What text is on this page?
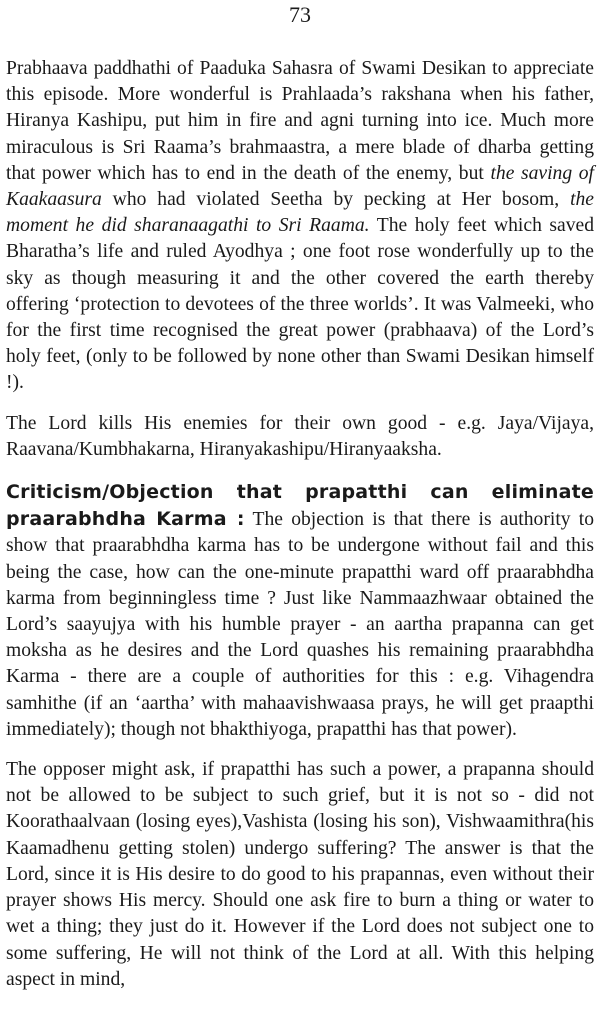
73

Prabhaava paddhathi of Paaduka Sahasra of Swami Desikan to appreciate this episode. More wonderful is Prahlaada’s rakshana when his father, Hiranya Kashipu, put him in fire and agni turning into ice. Much more miraculous is Sri Raama’s brahmaastra, a mere blade of dharba getting that power which has to end in the death of the enemy, but the saving of Kaakaasura who had violated Seetha by pecking at Her bosom, the moment he did sharanaagathi to Sri Raama. The holy feet which saved Bharatha’s life and ruled Ayodhya ; one foot rose wonderfully up to the sky as though measuring it and the other covered the earth thereby offering ‘protection to devotees of the three worlds’. It was Valmeeki, who for the first time recognised the great power (prabhaava) of the Lord’s holy feet, (only to be followed by none other than Swami Desikan himself !).

The Lord kills His enemies for their own good - e.g. Jaya/Vijaya, Raavana/Kumbhakarna, Hiranyakashipu/Hiranyaaksha.

Criticism/Objection that prapatthi can eliminate praarabhdha Karma : The objection is that there is authority to show that praarabhdha karma has to be undergone without fail and this being the case, how can the one-minute prapatthi ward off praarabhdha karma from beginningless time ? Just like Nammaazhwaar obtained the Lord’s saayujya with his humble prayer - an aartha prapanna can get moksha as he desires and the Lord quashes his remaining praarabhdha Karma - there are a couple of authorities for this : e.g. Vihagendra samhithe (if an ‘aartha’ with mahaavishwaasa prays, he will get praapthi immediately); though not bhakthiyoga, prapatthi has that power).

The opposer might ask, if prapatthi has such a power, a prapanna should not be allowed to be subject to such grief, but it is not so - did not Koorathaalvaan (losing eyes),Vashista (losing his son), Vishwaamithra(his Kaamadhenu getting stolen) undergo suffering? The answer is that the Lord, since it is His desire to do good to his prapannas, even without their prayer shows His mercy. Should one ask fire to burn a thing or water to wet a thing; they just do it. However if the Lord does not subject one to some suffering, He will not think of the Lord at all. With this helping aspect in mind,
